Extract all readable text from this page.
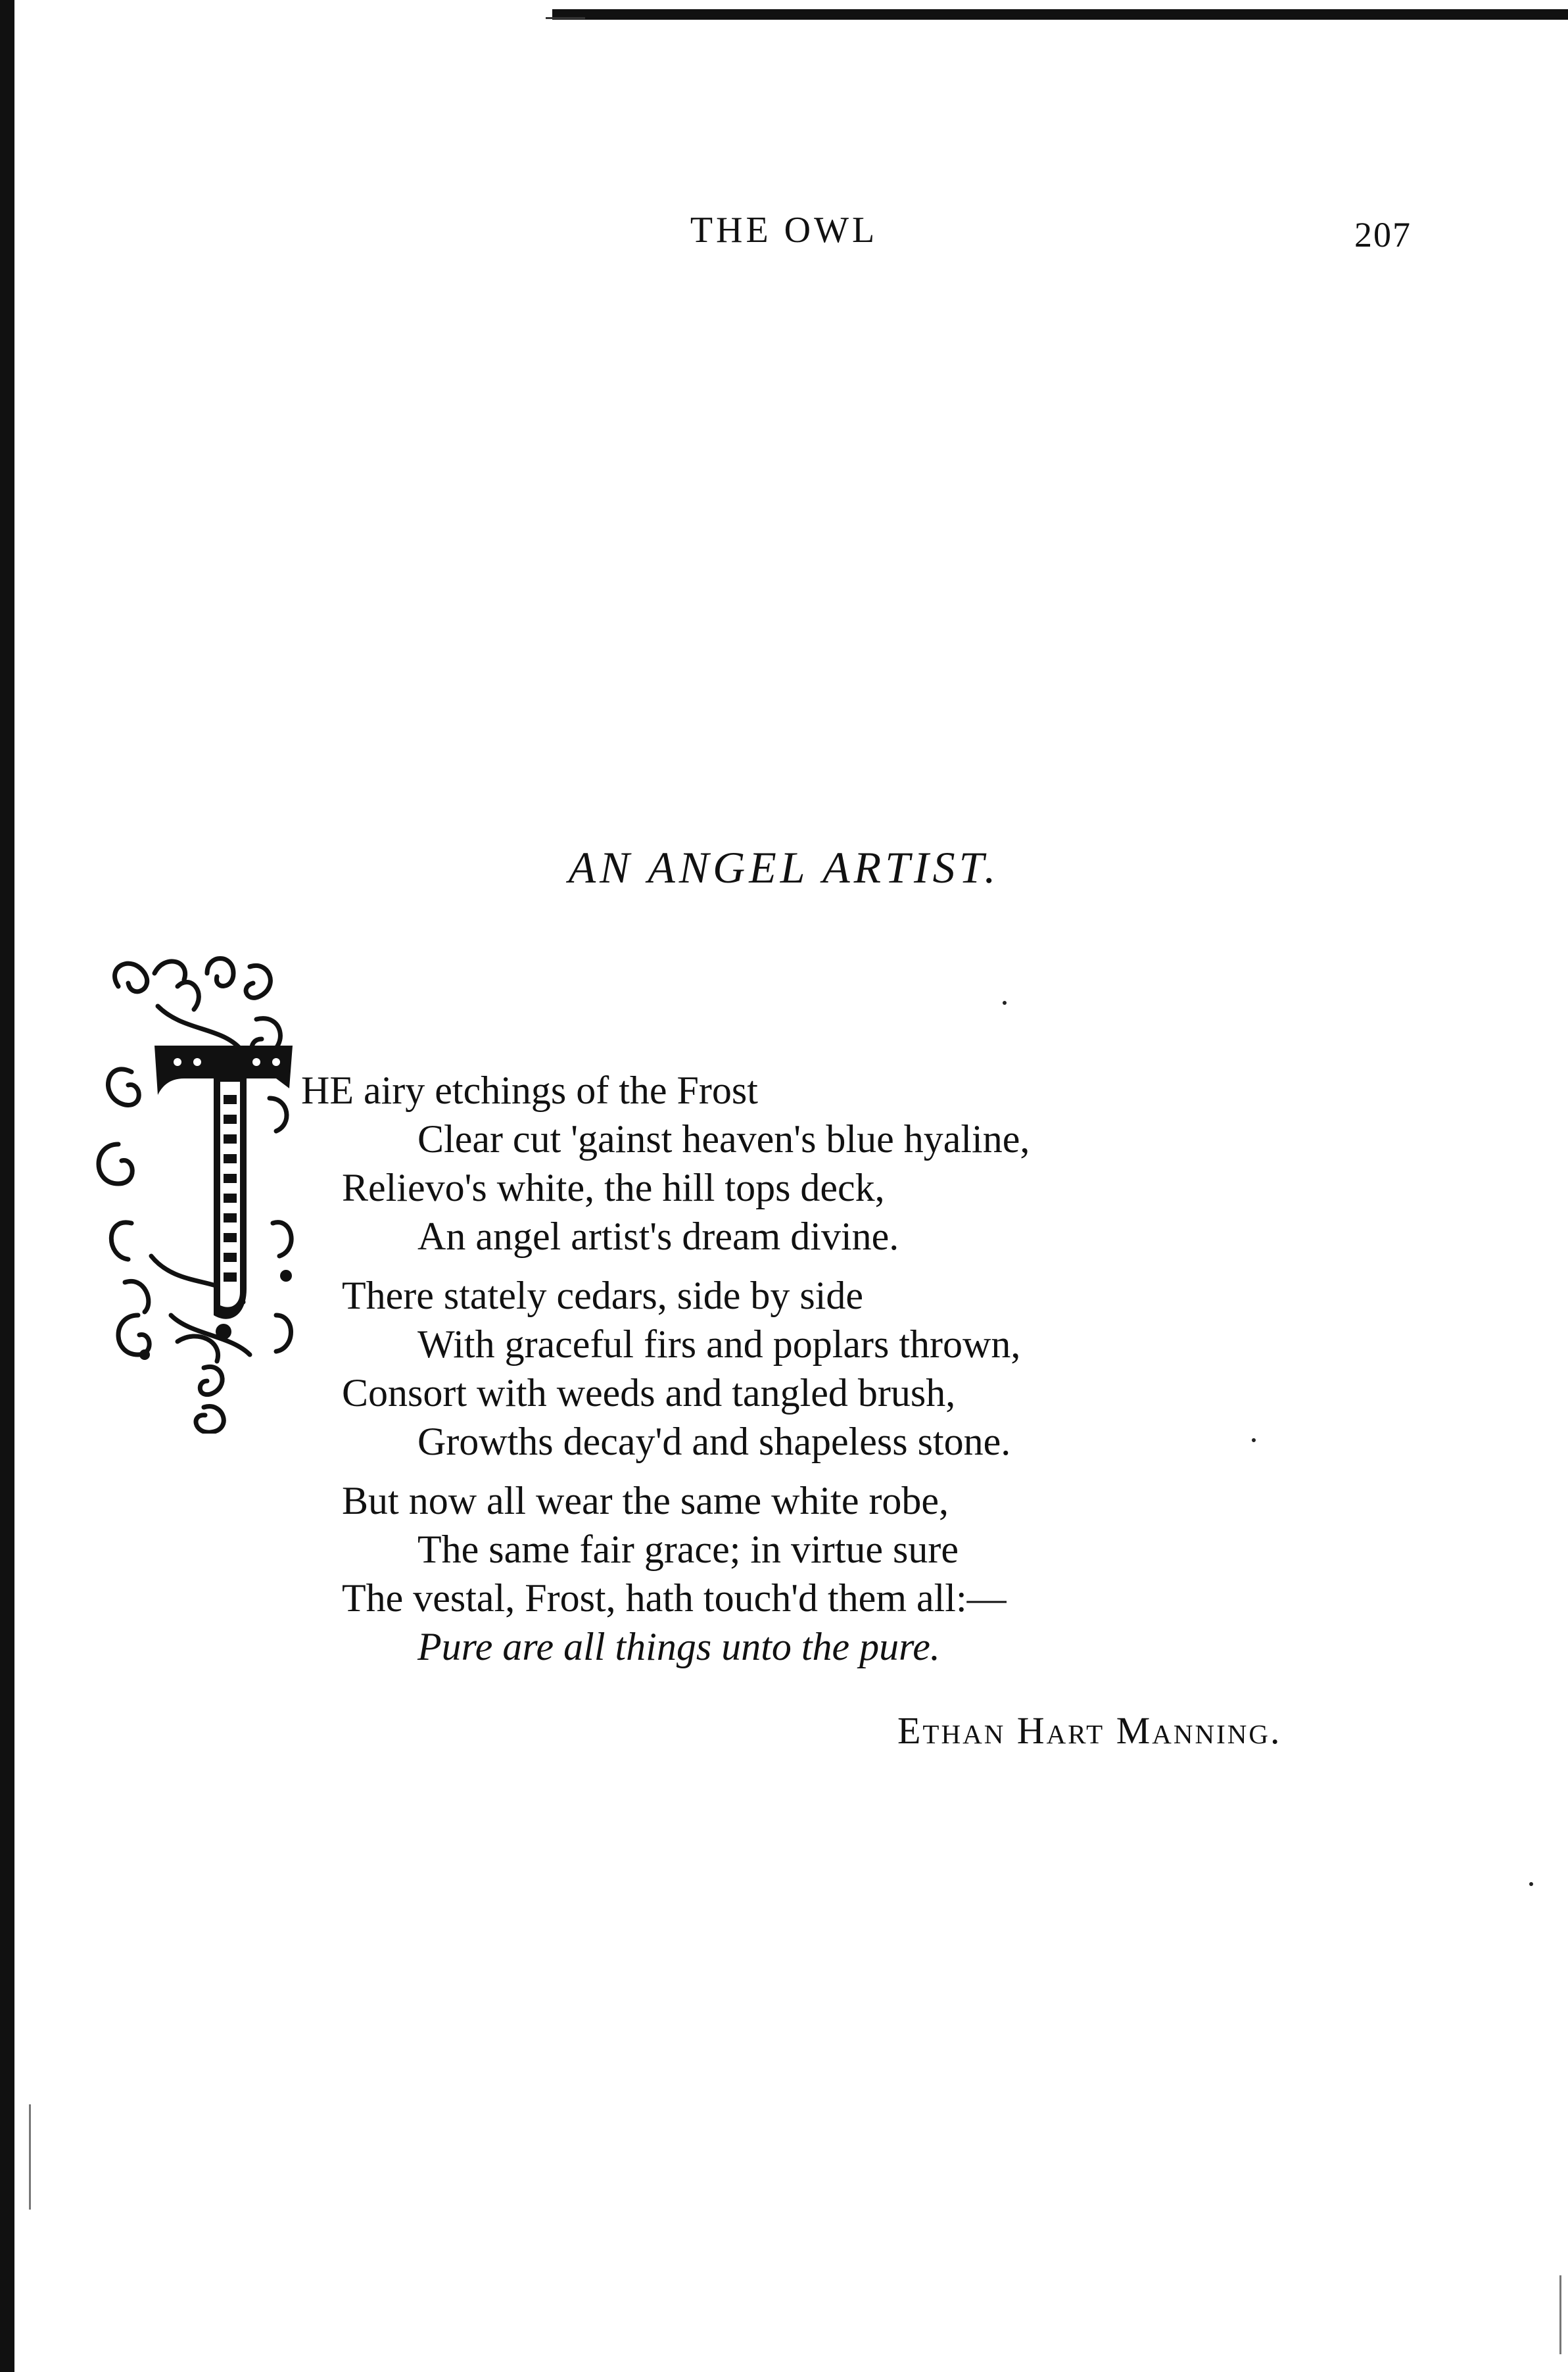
THE OWL	207
AN ANGEL ARTIST.
HE airy etchings of the Frost
Clear cut 'gainst heaven's blue hyaline,
Relievo's white, the hill tops deck,
An angel artist's dream divine.
There stately cedars, side by side
With graceful firs and poplars thrown,
Consort with weeds and tangled brush,
Growths decay'd and shapeless stone.
But now all wear the same white robe,
The same fair grace; in virtue sure
The vestal, Frost, hath touch'd them all:—
Pure are all things unto the pure.
Ethan Hart Manning.
